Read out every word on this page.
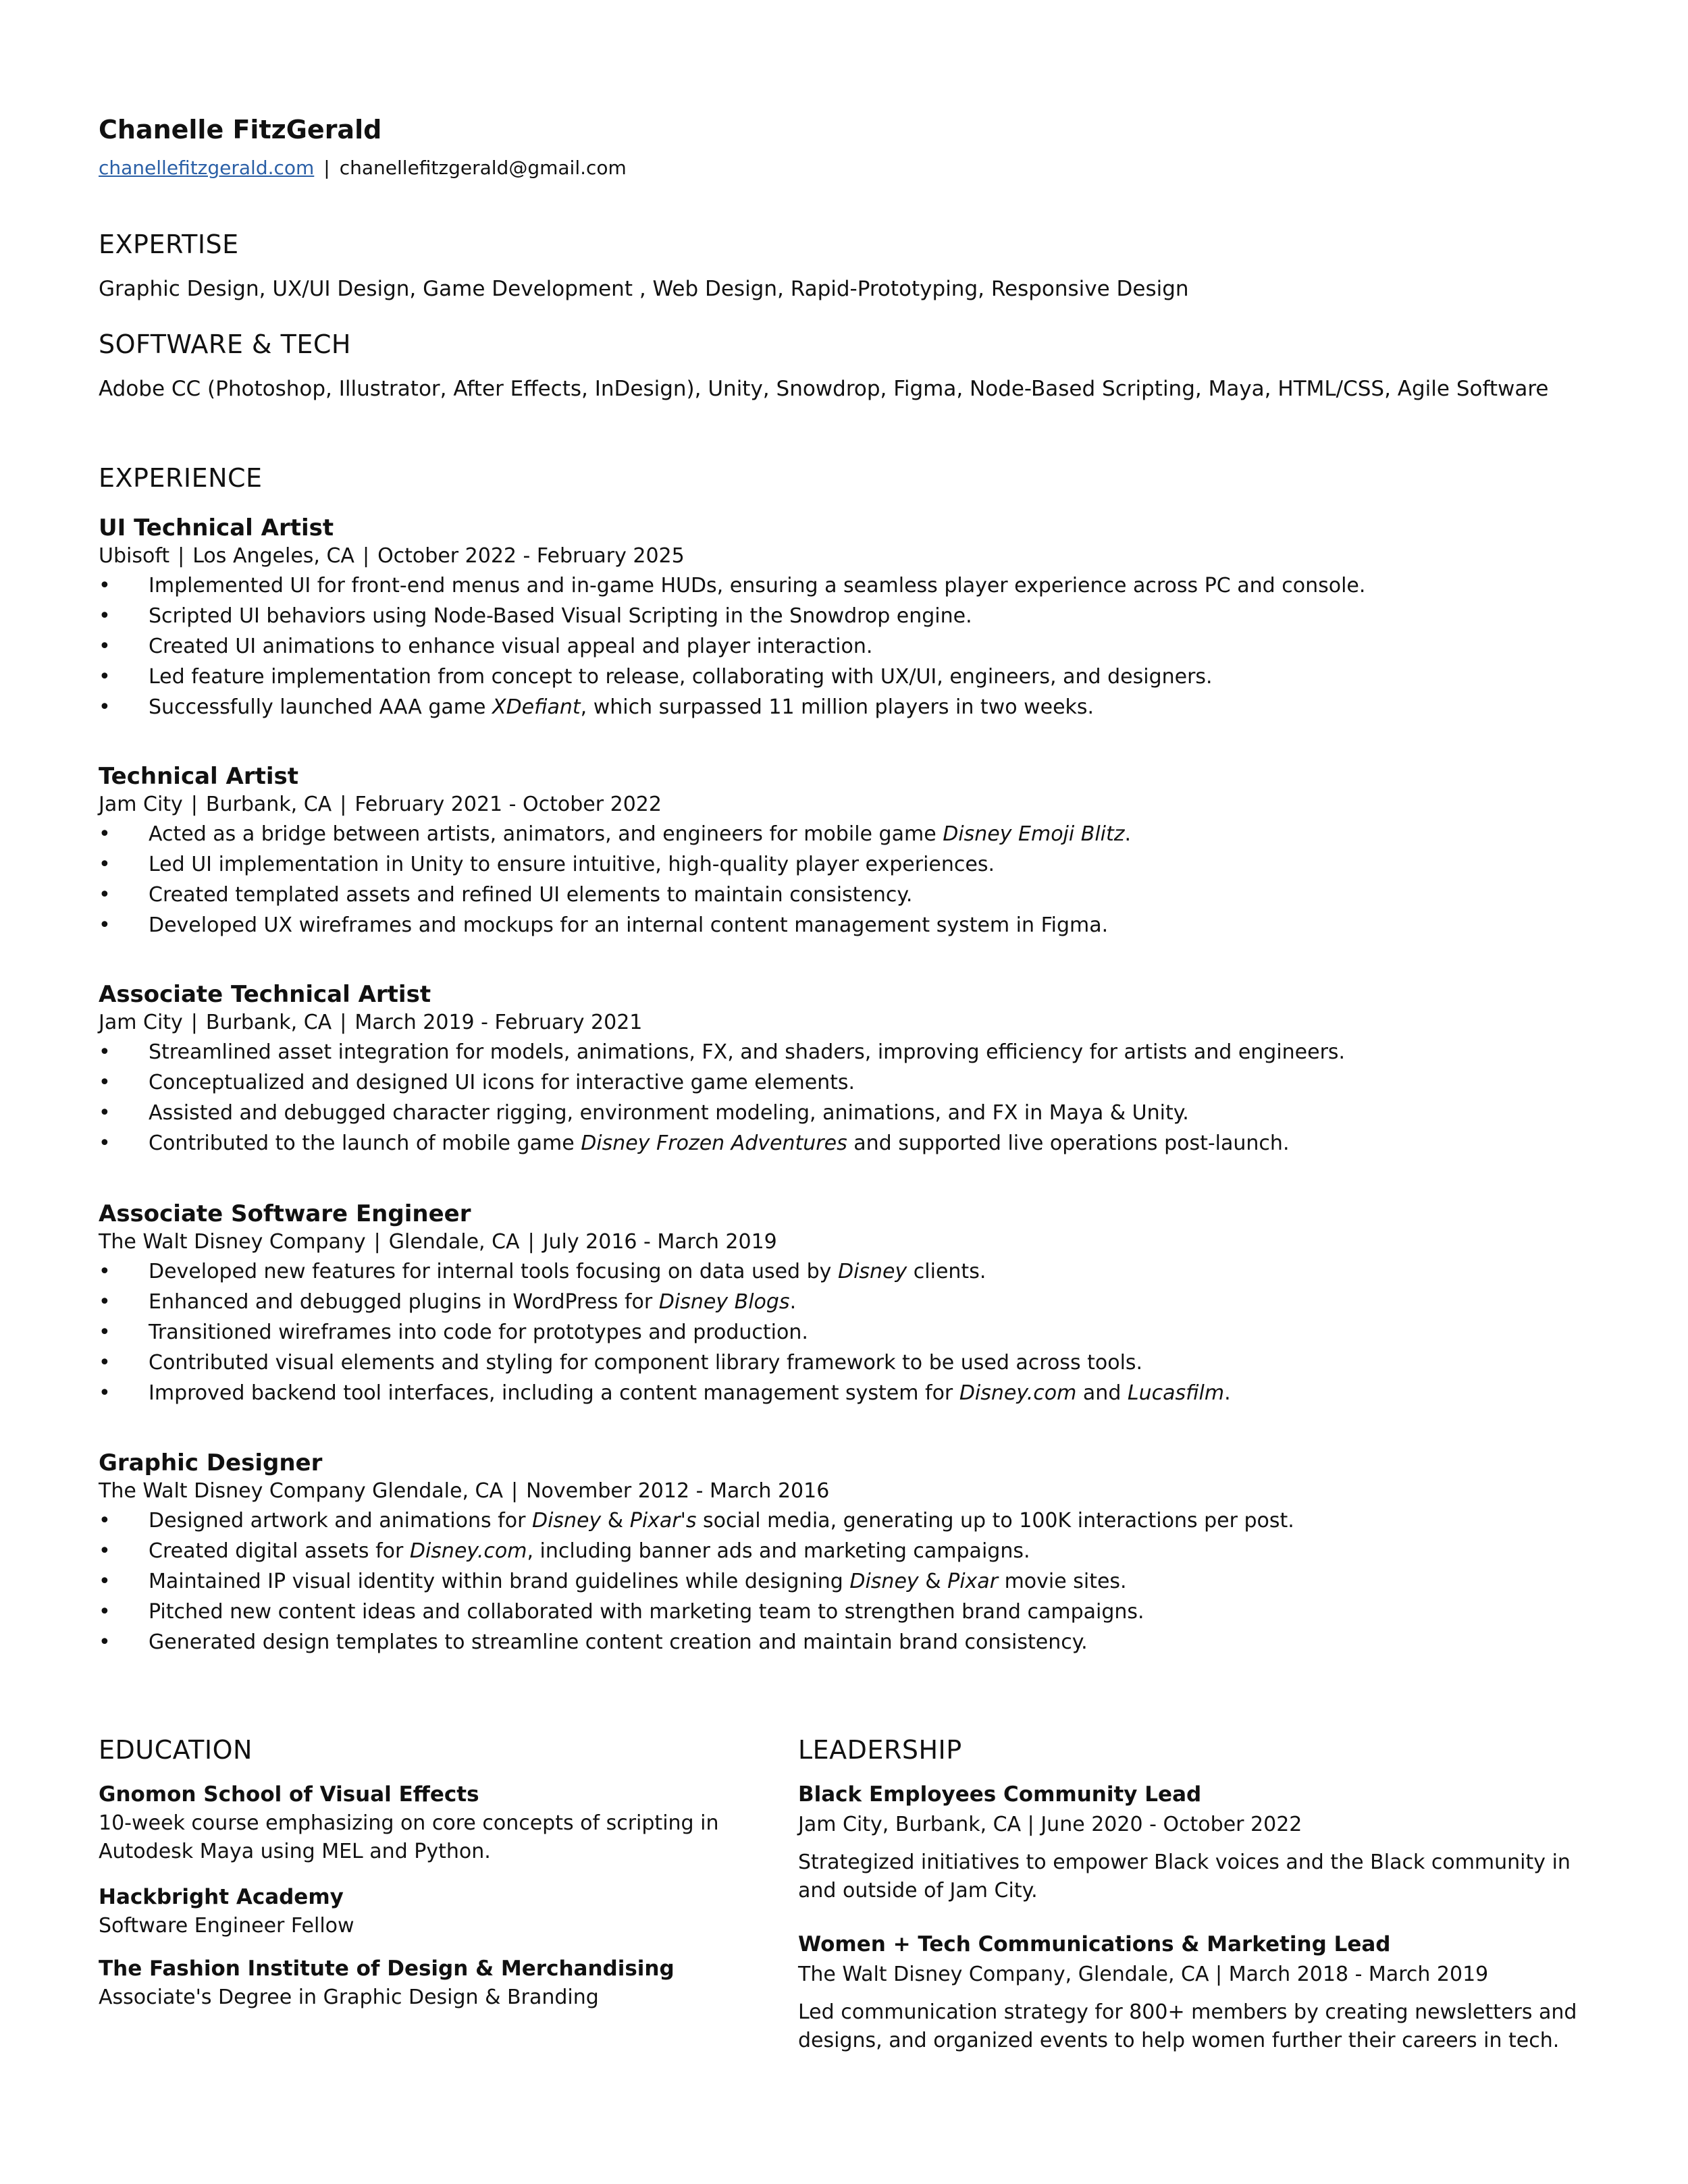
Chanelle FitzGerald
chanellefitzgerald.com | chanellefitzgerald@gmail.com
EXPERTISE
Graphic Design, UX/UI Design, Game Development , Web Design, Rapid-Prototyping, Responsive Design
SOFTWARE & TECH
Adobe CC (Photoshop, Illustrator, After Effects, InDesign), Unity, Snowdrop, Figma, Node-Based Scripting, Maya, HTML/CSS, Agile Software
EXPERIENCE
UI Technical Artist
Ubisoft | Los Angeles, CA | October 2022 - February 2025
• Implemented UI for front-end menus and in-game HUDs, ensuring a seamless player experience across PC and console.
• Scripted UI behaviors using Node-Based Visual Scripting in the Snowdrop engine.
• Created UI animations to enhance visual appeal and player interaction.
• Led feature implementation from concept to release, collaborating with UX/UI, engineers, and designers.
• Successfully launched AAA game XDefiant, which surpassed 11 million players in two weeks.
Technical Artist
Jam City | Burbank, CA | February 2021 - October 2022
• Acted as a bridge between artists, animators, and engineers for mobile game Disney Emoji Blitz.
• Led UI implementation in Unity to ensure intuitive, high-quality player experiences.
• Created templated assets and refined UI elements to maintain consistency.
• Developed UX wireframes and mockups for an internal content management system in Figma.
Associate Technical Artist
Jam City | Burbank, CA | March 2019 - February 2021
• Streamlined asset integration for models, animations, FX, and shaders, improving efficiency for artists and engineers.
• Conceptualized and designed UI icons for interactive game elements.
• Assisted and debugged character rigging, environment modeling, animations, and FX in Maya & Unity.
• Contributed to the launch of mobile game Disney Frozen Adventures and supported live operations post-launch.
Associate Software Engineer
The Walt Disney Company | Glendale, CA | July 2016 - March 2019
• Developed new features for internal tools focusing on data used by Disney clients.
• Enhanced and debugged plugins in WordPress for Disney Blogs.
• Transitioned wireframes into code for prototypes and production.
• Contributed visual elements and styling for component library framework to be used across tools.
• Improved backend tool interfaces, including a content management system for Disney.com and Lucasfilm.
Graphic Designer
The Walt Disney Company Glendale, CA | November 2012 - March 2016
• Designed artwork and animations for Disney & Pixar's social media, generating up to 100K interactions per post.
• Created digital assets for Disney.com, including banner ads and marketing campaigns.
• Maintained IP visual identity within brand guidelines while designing Disney & Pixar movie sites.
• Pitched new content ideas and collaborated with marketing team to strengthen brand campaigns.
• Generated design templates to streamline content creation and maintain brand consistency.
EDUCATION
Gnomon School of Visual Effects
10-week course emphasizing on core concepts of scripting in
Autodesk Maya using MEL and Python.
Hackbright Academy
Software Engineer Fellow
The Fashion Institute of Design & Merchandising
Associate's Degree in Graphic Design & Branding
LEADERSHIP
Black Employees Community Lead
Jam City, Burbank, CA | June 2020 - October 2022
Strategized initiatives to empower Black voices and the Black community in
and outside of Jam City.
Women + Tech Communications & Marketing Lead
The Walt Disney Company, Glendale, CA | March 2018 - March 2019
Led communication strategy for 800+ members by creating newsletters and
designs, and organized events to help women further their careers in tech.
